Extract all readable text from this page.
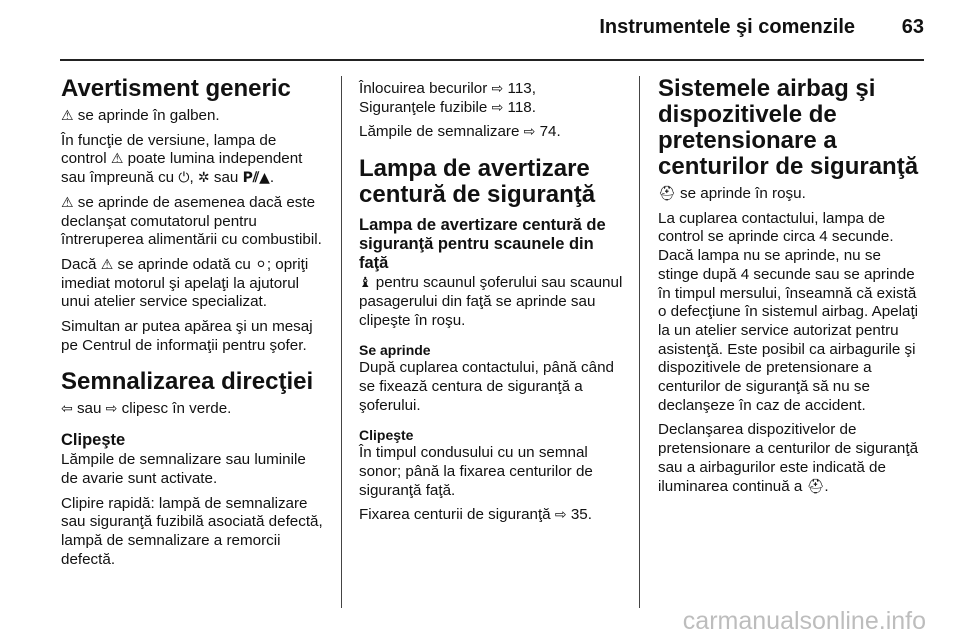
Instrumentele şi comenzile 63
Avertisment generic

⚠ se aprinde în galben.

În funcţie de versiune, lampa de control ⚠ poate lumina independent sau împreună cu ⏻, ✲ sau P⫽▲.

⚠ se aprinde de asemenea dacă este declanşat comutatorul pentru întreruperea alimentării cu combustibil.

Dacă ⚠ se aprinde odată cu ⚪; opriţi imediat motorul şi apelaţi la ajutorul unui atelier service specializat.

Simultan ar putea apărea şi un mesaj pe Centrul de informaţii pentru şofer.

Semnalizarea direcţiei

⇦ sau ⇨ clipesc în verde.

Clipeşte

Lămpile de semnalizare sau luminile de avarie sunt activate.

Clipire rapidă: lampă de semnalizare sau siguranţă fuzibilă asociată defectă, lampă de semnalizare a remorcii defectă.

Înlocuirea becurilor ⇨ 113,

Siguranţele fuzibile ⇨ 118.

Lămpile de semnalizare ⇨ 74.

Lampa de avertizare centură de siguranţă
Lampa de avertizare centură de siguranţă pentru scaunele din faţă

♝ pentru scaunul şoferului sau scaunul pasagerului din faţă se aprinde sau clipeşte în roşu.

Se aprinde

După cuplarea contactului, până când se fixează centura de siguranţă a şoferului.

Clipeşte

În timpul condusului cu un semnal sonor; până la fixarea centurilor de siguranţă faţă.

Fixarea centurii de siguranţă ⇨ 35.

Sistemele airbag şi dispozitivele de pretensionare a centurilor de siguranţă

⛑ se aprinde în roşu.

La cuplarea contactului, lampa de control se aprinde circa 4 secunde. Dacă lampa nu se aprinde, nu se stinge după 4 secunde sau se aprinde în timpul mersului, înseamnă că există o defecţiune în sistemul airbag. Apelaţi la un atelier service autorizat pentru asistenţă. Este posibil ca airbagurile şi dispozitivele de pretensionare a centurilor de siguranţă să nu se declanşeze în caz de accident.

Declanşarea dispozitivelor de pretensionare a centurilor de siguranţă sau a airbagurilor este indicată de iluminarea continuă a ⛑.

carmanualsonline.info
